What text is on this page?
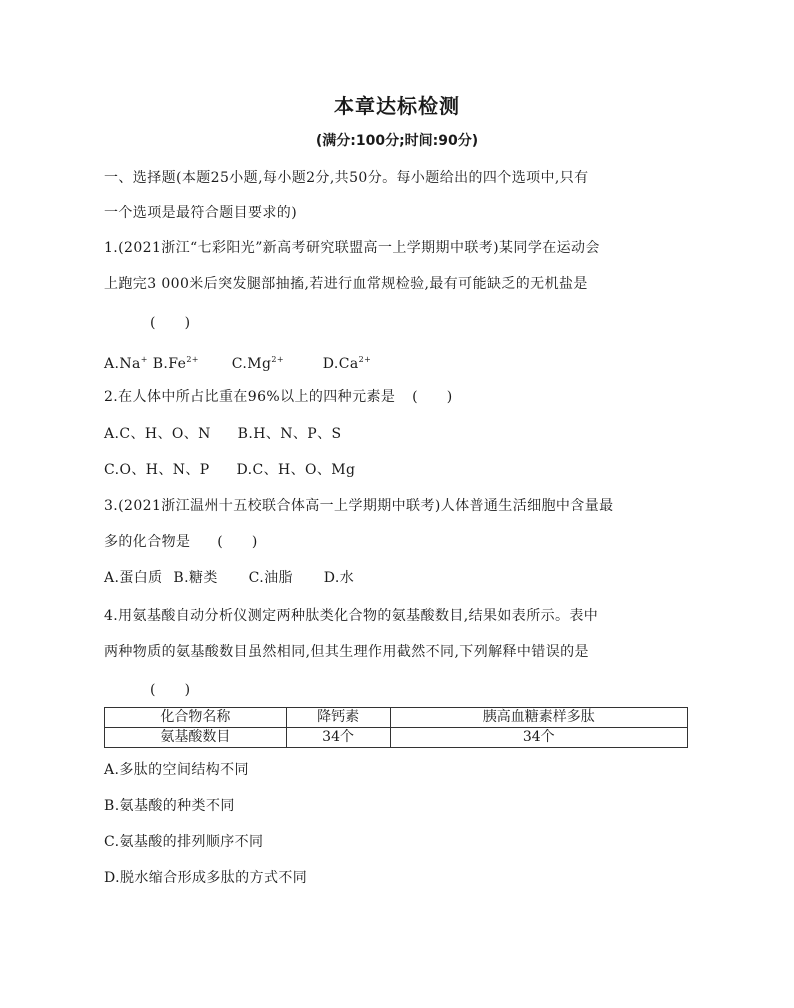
本章达标检测
(满分:100分;时间:90分)
一、选择题(本题25小题,每小题2分,共50分。每小题给出的四个选项中,只有
一个选项是最符合题目要求的)
1.(2021浙江“七彩阳光”新高考研究联盟高一上学期期中联考)某同学在运动会
上跑完3 000米后突发腿部抽搐,若进行血常规检验,最有可能缺乏的无机盐是
(　　)
A.Na+ $B.Fe^{2+}$ $C.Mg^{2+}$	$D.Ca^{2+}$
2.在人体中所占比重在96%以上的四种元素是 (　　)
A.C、H、O、N B.H、N、P、S
C.O、H、N、P D.C、H、O、Mg
3.(2021浙江温州十五校联合体高一上学期期中联考)人体普通生活细胞中含量最
多的化合物是 (　　)
A.蛋白质 B.糖类 C.油脂 D.水
4.用氨基酸自动分析仪测定两种肽类化合物的氨基酸数目,结果如表所示。表中
两种物质的氨基酸数目虽然相同,但其生理作用截然不同,下列解释中错误的是
(　　)
化合物名称	降钙素	胰高血糖素样多肽
氨基酸数目	34个	34个
A.多肽的空间结构不同
B.氨基酸的种类不同
C.氨基酸的排列顺序不同
D.脱水缩合形成多肽的方式不同
